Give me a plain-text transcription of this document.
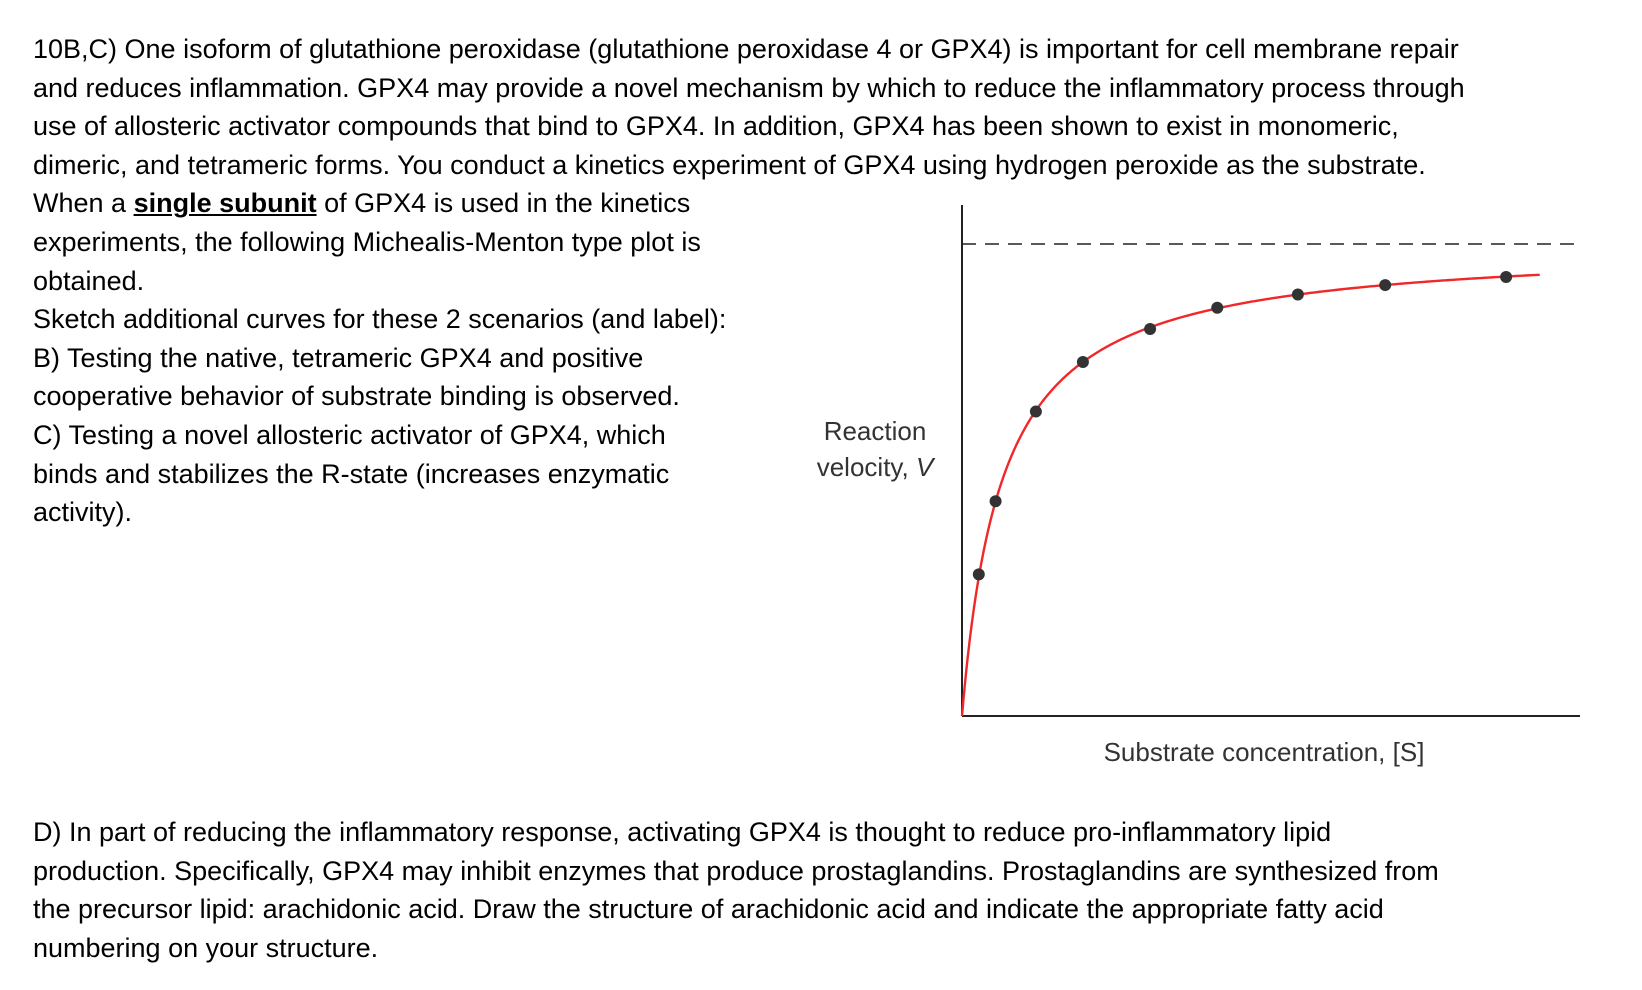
10B,C) One isoform of glutathione peroxidase (glutathione peroxidase 4 or GPX4) is important for cell membrane repair
and reduces inflammation. GPX4 may provide a novel mechanism by which to reduce the inflammatory process through
use of allosteric activator compounds that bind to GPX4. In addition, GPX4 has been shown to exist in monomeric,
dimeric, and tetrameric forms. You conduct a kinetics experiment of GPX4 using hydrogen peroxide as the substrate.
When a single subunit of GPX4 is used in the kinetics
experiments, the following Michealis-Menton type plot is
obtained.
Sketch additional curves for these 2 scenarios (and label):
B) Testing the native, tetrameric GPX4 and positive
cooperative behavior of substrate binding is observed.
C) Testing a novel allosteric activator of GPX4, which
binds and stabilizes the R-state (increases enzymatic
activity).
Reaction
velocity, V
Substrate concentration, [S]
D) In part of reducing the inflammatory response, activating GPX4 is thought to reduce pro-inflammatory lipid
production. Specifically, GPX4 may inhibit enzymes that produce prostaglandins. Prostaglandins are synthesized from
the precursor lipid: arachidonic acid. Draw the structure of arachidonic acid and indicate the appropriate fatty acid
numbering on your structure.
